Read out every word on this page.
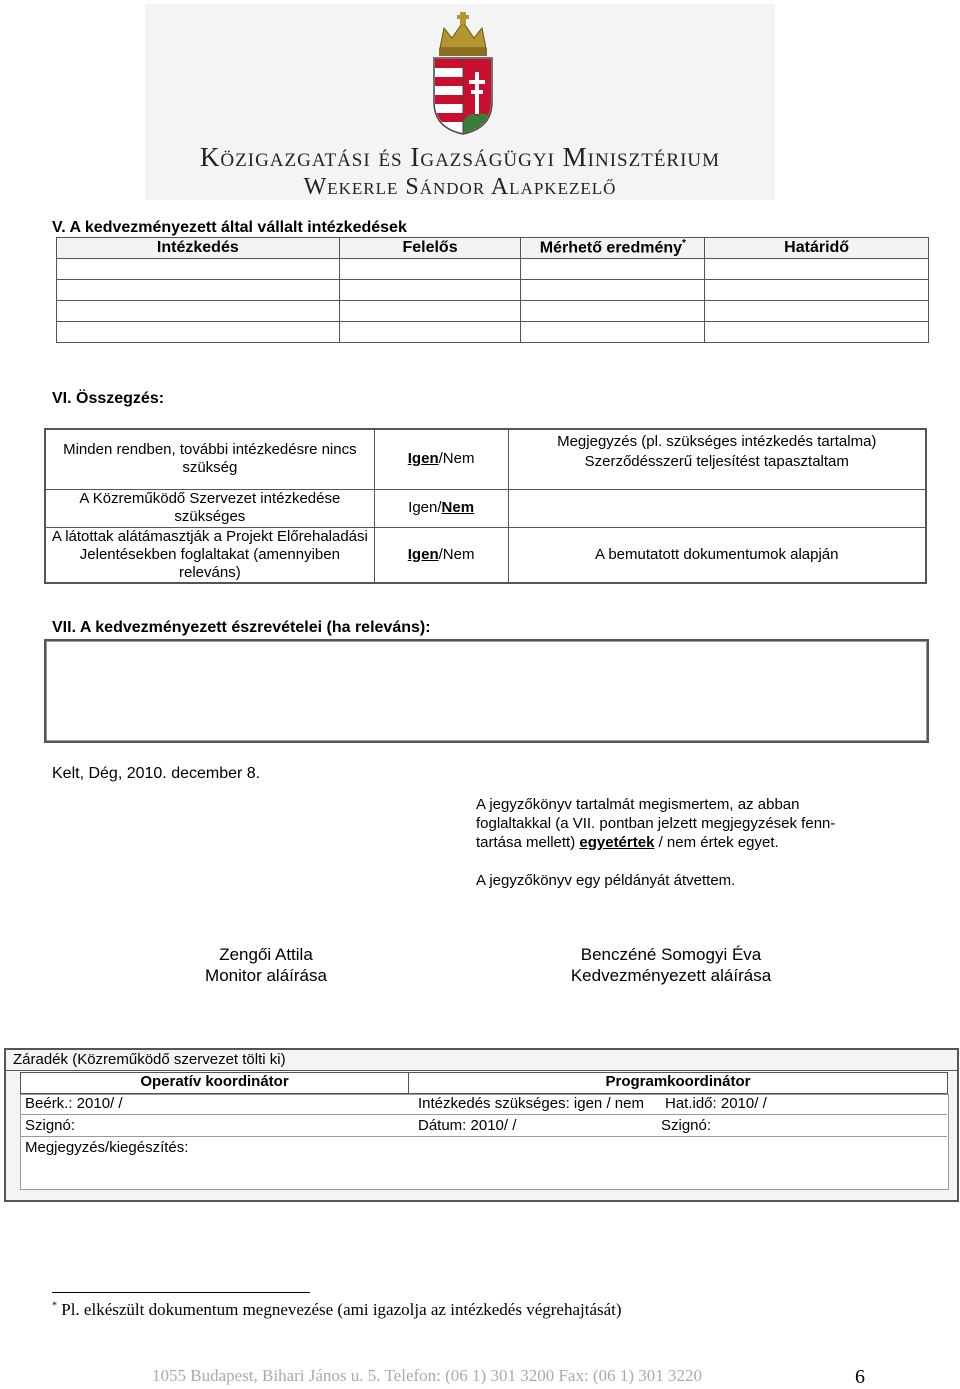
Közigazgatási és Igazságügyi Minisztérium
Wekerle Sándor Alapkezelő
V. A kedvezményezett által vállalt intézkedések
Intézkedés	Felelős	Mérhető eredmény*	Határidő

VI. Összegzés:
Minden rendben, további intézkedésre nincs szükség	Igen/Nem	Megjegyzés (pl. szükséges intézkedés tartalma)
		Szerződésszerű teljesítést tapasztaltam
A Közreműködő Szervezet intézkedése szükséges	Igen/Nem	
A látottak alátámasztják a Projekt Előrehaladási Jelentésekben foglaltakat (amennyiben releváns)	Igen/Nem	A bemutatott dokumentumok alapján
VII. A kedvezményezett észrevételei (ha releváns):
Kelt, Dég, 2010. december 8.
A jegyzőkönyv tartalmát megismertem, az abban
foglaltakkal (a VII. pontban jelzett megjegyzések fenn-
tartása mellett) egyetértek / nem értek egyet.
A jegyzőkönyv egy példányát átvettem.
Zengői Attila
Monitor aláírása
Benczéné Somogyi Éva
Kedvezményezett aláírása
Záradék (Közreműködő szervezet tölti ki)
Operatív koordinátor	Programkoordinátor
Beérk.: 2010/ /	Intézkedés szükséges: igen / nem Hat.idő: 2010/ /
Szignó:	Dátum: 2010/ /	Szignó:
Megjegyzés/kiegészítés:
* Pl. elkészült dokumentum megnevezése (ami igazolja az intézkedés végrehajtását)
1055 Budapest, Bihari János u. 5. Telefon: (06 1) 301 3200 Fax: (06 1) 301 3220	6
